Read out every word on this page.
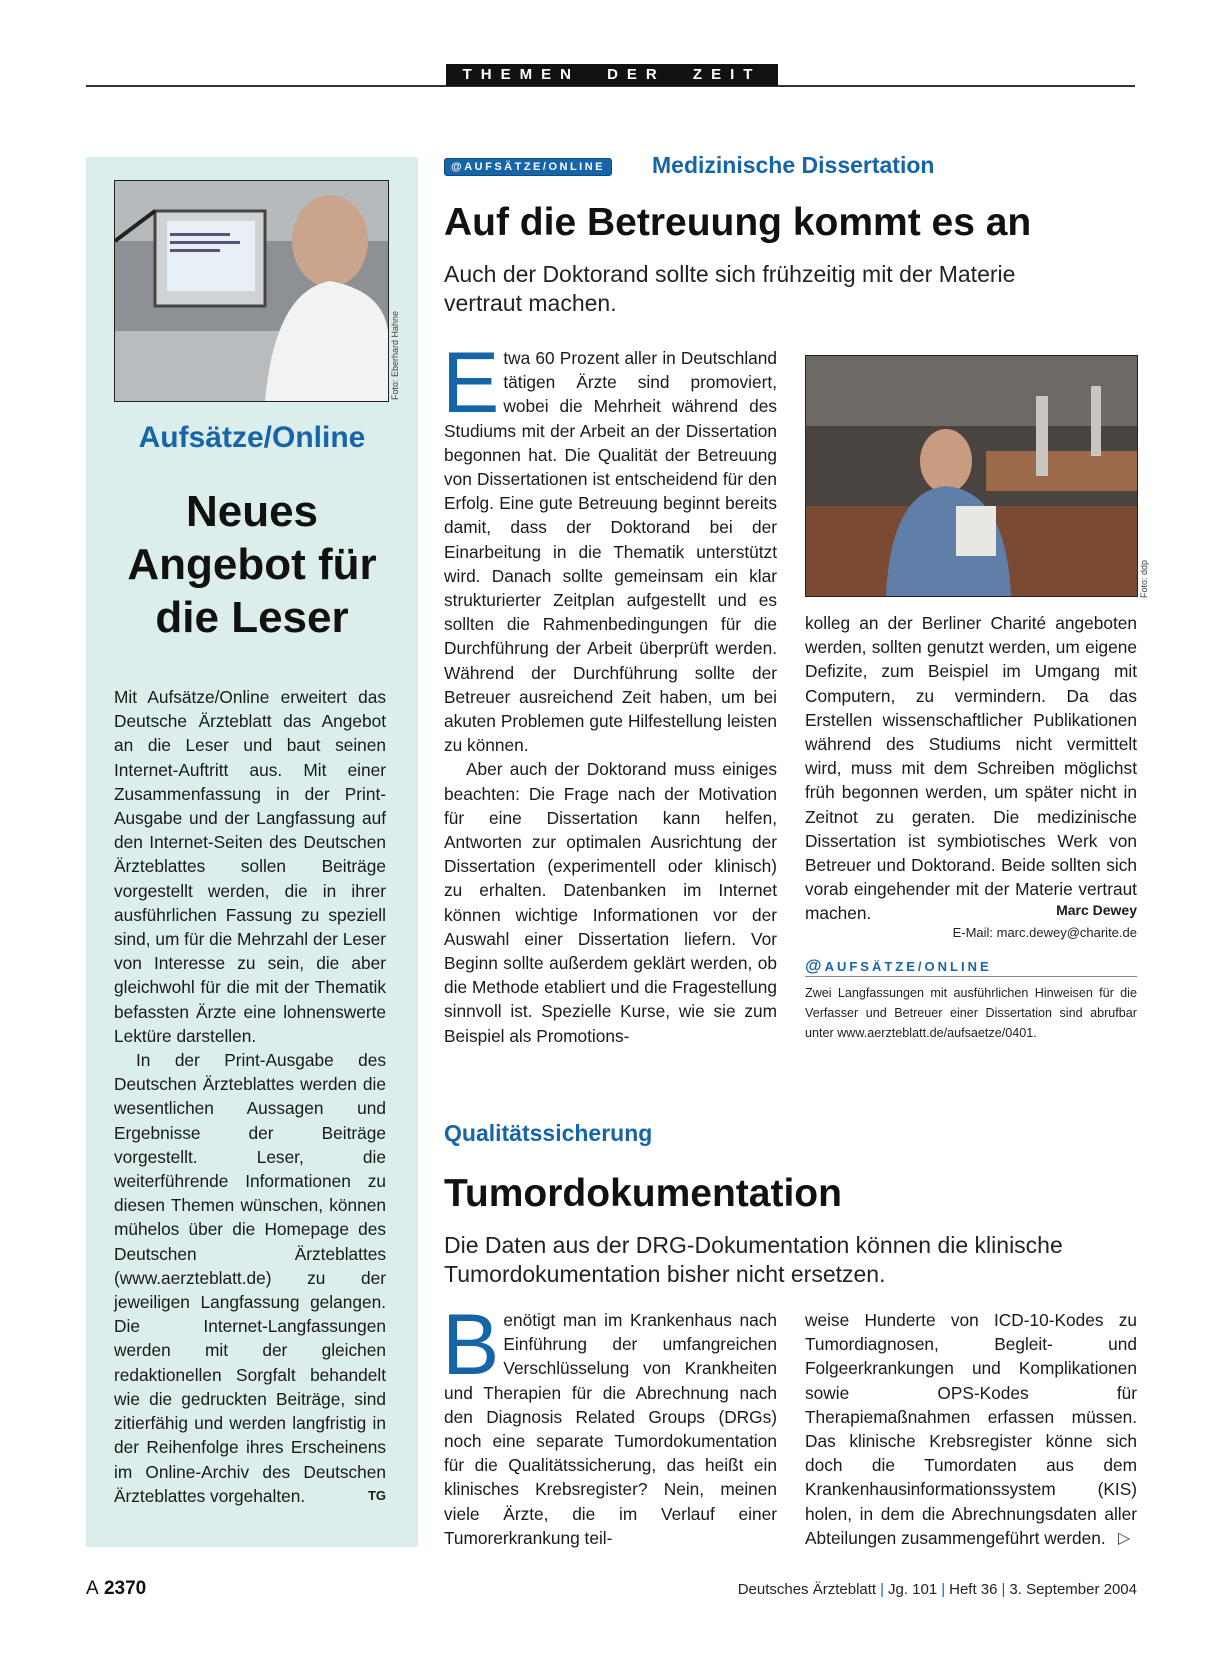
THEMEN DER ZEIT
Foto: Eberhard Hahne
Aufsätze/Online
Neues Angebot für die Leser

Mit Aufsätze/Online erweitert das Deutsche Ärzteblatt das Angebot an die Leser und baut seinen Internet-Auftritt aus. Mit einer Zusammenfassung in der Print-Ausgabe und der Langfassung auf den Internet-Seiten des Deutschen Ärzteblattes sollen Beiträge vorgestellt werden, die in ihrer ausführlichen Fassung zu speziell sind, um für die Mehrzahl der Leser von Interesse zu sein, die aber gleichwohl für die mit der Thematik befassten Ärzte eine lohnenswerte Lektüre darstellen.

In der Print-Ausgabe des Deutschen Ärzteblattes werden die wesentlichen Aussagen und Ergebnisse der Beiträge vorgestellt. Leser, die weiterführende Informationen zu diesen Themen wünschen, können mühelos über die Homepage des Deutschen Ärzteblattes (www.aerzteblatt.de) zu der jeweiligen Langfassung gelangen. Die Internet-Langfassungen werden mit der gleichen redaktionellen Sorgfalt behandelt wie die gedruckten Beiträge, sind zitierfähig und werden langfristig in der Reihenfolge ihres Erscheinens im Online-Archiv des Deutschen Ärzteblattes vorgehalten.	TG

@AUFSÄTZE/ONLINE	Medizinische Dissertation
Auf die Betreuung kommt es an
Auch der Doktorand sollte sich frühzeitig mit der Materie vertraut machen.

Etwa 60 Prozent aller in Deutschland tätigen Ärzte sind promoviert, wobei die Mehrheit während des Studiums mit der Arbeit an der Dissertation begonnen hat. Die Qualität der Betreuung von Dissertationen ist entscheidend für den Erfolg. Eine gute Betreuung beginnt bereits damit, dass der Doktorand bei der Einarbeitung in die Thematik unterstützt wird. Danach sollte gemeinsam ein klar strukturierter Zeitplan aufgestellt und es sollten die Rahmenbedingungen für die Durchführung der Arbeit überprüft werden. Während der Durchführung sollte der Betreuer ausreichend Zeit haben, um bei akuten Problemen gute Hilfestellung leisten zu können.

Aber auch der Doktorand muss einiges beachten: Die Frage nach der Motivation für eine Dissertation kann helfen, Antworten zur optimalen Ausrichtung der Dissertation (experimentell oder klinisch) zu erhalten. Datenbanken im Internet können wichtige Informationen vor der Auswahl einer Dissertation liefern. Vor Beginn sollte außerdem geklärt werden, ob die Methode etabliert und die Fragestellung sinnvoll ist. Spezielle Kurse, wie sie zum Beispiel als Promotions-

Foto: ddp

kolleg an der Berliner Charité angeboten werden, sollten genutzt werden, um eigene Defizite, zum Beispiel im Umgang mit Computern, zu vermindern. Da das Erstellen wissenschaftlicher Publikationen während des Studiums nicht vermittelt wird, muss mit dem Schreiben möglichst früh begonnen werden, um später nicht in Zeitnot zu geraten. Die medizinische Dissertation ist symbiotisches Werk von Betreuer und Doktorand. Beide sollten sich vorab eingehender mit der Materie vertraut machen.	Marc Dewey
E-Mail: marc.dewey@charite.de
@AUFSÄTZE/ONLINE
Zwei Langfassungen mit ausführlichen Hinweisen für die Verfasser und Betreuer einer Dissertation sind abrufbar unter www.aerzteblatt.de/aufsaetze/0401.
Qualitätssicherung
Tumordokumentation
Die Daten aus der DRG-Dokumentation können die klinische Tumordokumentation bisher nicht ersetzen.

Benötigt man im Krankenhaus nach Einführung der umfangreichen Verschlüsselung von Krankheiten und Therapien für die Abrechnung nach den Diagnosis Related Groups (DRGs) noch eine separate Tumordokumentation für die Qualitätssicherung, das heißt ein klinisches Krebsregister? Nein, meinen viele Ärzte, die im Verlauf einer Tumorerkrankung teil-

weise Hunderte von ICD-10-Kodes zu Tumordiagnosen, Begleit- und Folgeerkrankungen und Komplikationen sowie OPS-Kodes für Therapiemaßnahmen erfassen müssen. Das klinische Krebsregister könne sich doch die Tumordaten aus dem Krankenhausinformationssystem (KIS) holen, in dem die Abrechnungsdaten aller Abteilungen zusammengeführt werden. ▷
A 2370	Deutsches Ärzteblatt | Jg. 101 | Heft 36 | 3. September 2004
